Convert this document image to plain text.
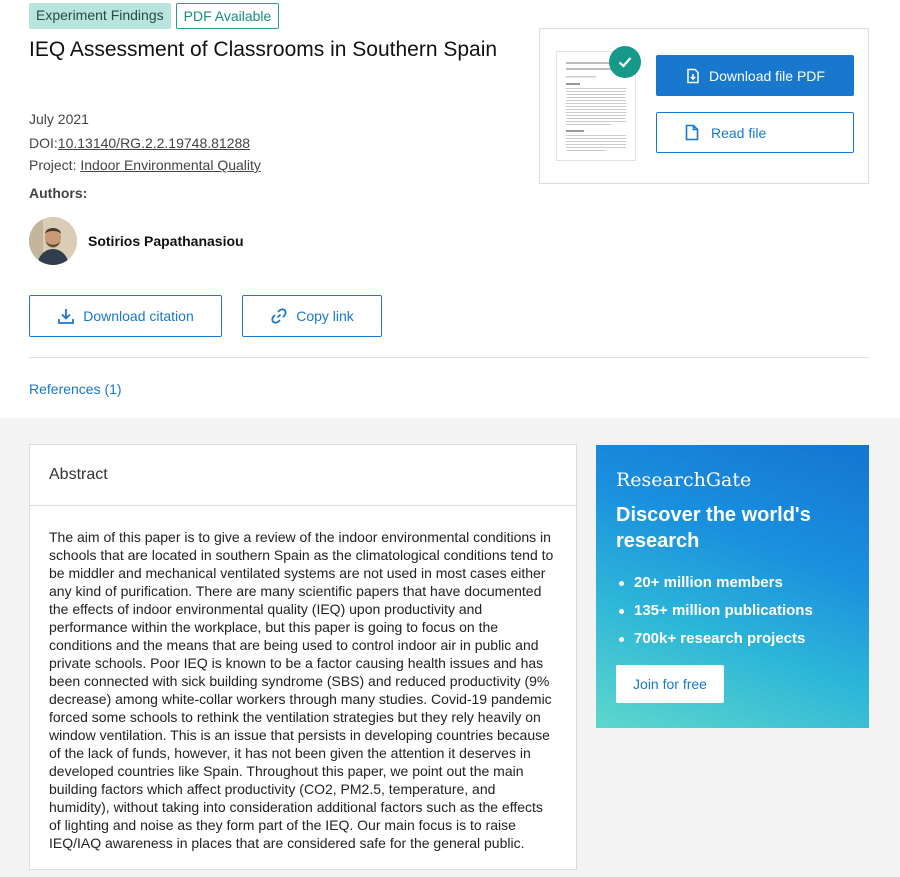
Experiment Findings	PDF Available
IEQ Assessment of Classrooms in Southern Spain
July 2021
DOI:10.13140/RG.2.2.19748.81288
Project: Indoor Environmental Quality
Authors:
Sotirios Papathanasiou
Download citation	Copy link
References (1)
Download file PDF
Read file
Abstract
The aim of this paper is to give a review of the indoor environmental conditions in schools that are located in southern Spain as the climatological conditions tend to be middler and mechanical ventilated systems are not used in most cases either any kind of purification. There are many scientific papers that have documented the effects of indoor environmental quality (IEQ) upon productivity and performance within the workplace, but this paper is going to focus on the conditions and the means that are being used to control indoor air in public and private schools. Poor IEQ is known to be a factor causing health issues and has been connected with sick building syndrome (SBS) and reduced productivity (9% decrease) among white-collar workers through many studies. Covid-19 pandemic forced some schools to rethink the ventilation strategies but they rely heavily on window ventilation. This is an issue that persists in developing countries because of the lack of funds, however, it has not been given the attention it deserves in developed countries like Spain. Throughout this paper, we point out the main building factors which affect productivity (CO2, PM2.5, temperature, and humidity), without taking into consideration additional factors such as the effects of lighting and noise as they form part of the IEQ. Our main focus is to raise IEQ/IAQ awareness in places that are considered safe for the general public.
ResearchGate
Discover the world's research
20+ million members
135+ million publications
700k+ research projects
Join for free
